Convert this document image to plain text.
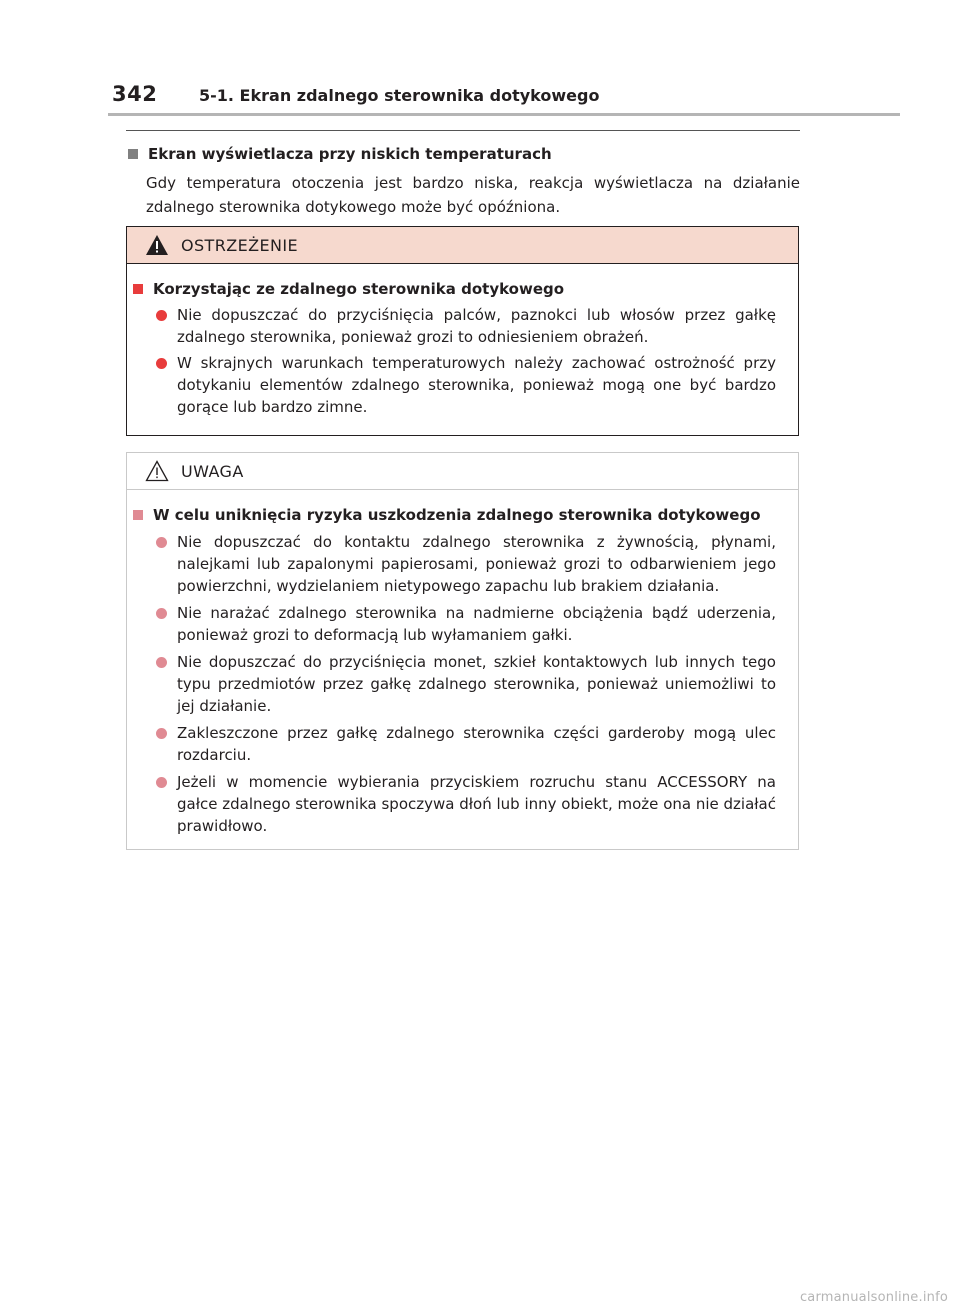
342	5-1. Ekran zdalnego sterownika dotykowego
Ekran wyświetlacza przy niskich temperaturach
Gdy temperatura otoczenia jest bardzo niska, reakcja wyświetlacza na działanie zdalnego sterownika dotykowego może być opóźniona.
OSTRZEŻENIE
Korzystając ze zdalnego sterownika dotykowego
Nie dopuszczać do przyciśnięcia palców, paznokci lub włosów przez gałkę zdalnego sterownika, ponieważ grozi to odniesieniem obrażeń.
W skrajnych warunkach temperaturowych należy zachować ostrożność przy dotykaniu elementów zdalnego sterownika, ponieważ mogą one być bardzo gorące lub bardzo zimne.
UWAGA
W celu uniknięcia ryzyka uszkodzenia zdalnego sterownika dotykowego
Nie dopuszczać do kontaktu zdalnego sterownika z żywnością, płynami, nalejkami lub zapalonymi papierosami, ponieważ grozi to odbarwieniem jego powierzchni, wydzielaniem nietypowego zapachu lub brakiem działania.
Nie narażać zdalnego sterownika na nadmierne obciążenia bądź uderzenia, ponieważ grozi to deformacją lub wyłamaniem gałki.
Nie dopuszczać do przyciśnięcia monet, szkieł kontaktowych lub innych tego typu przedmiotów przez gałkę zdalnego sterownika, ponieważ uniemożliwi to jej działanie.
Zakleszczone przez gałkę zdalnego sterownika części garderoby mogą ulec rozdarciu.
Jeżeli w momencie wybierania przyciskiem rozruchu stanu ACCESSORY na gałce zdalnego sterownika spoczywa dłoń lub inny obiekt, może ona nie działać prawidłowo.
carmanualsonline.info
